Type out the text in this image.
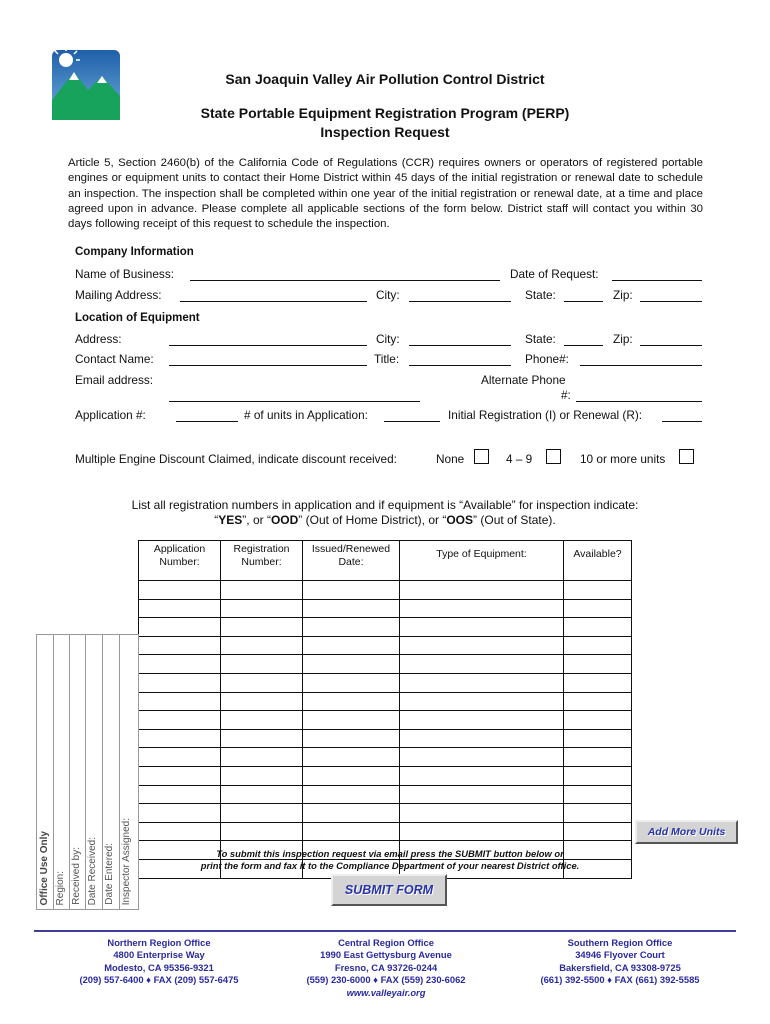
San Joaquin Valley Air Pollution Control District
State Portable Equipment Registration Program (PERP)
Inspection Request
Article 5, Section 2460(b) of the California Code of Regulations (CCR) requires owners or operators of registered portable engines or equipment units to contact their Home District within 45 days of the initial registration or renewal date to schedule an inspection. The inspection shall be completed within one year of the initial registration or renewal date, at a time and place agreed upon in advance. Please complete all applicable sections of the form below. District staff will contact you within 30 days following receipt of this request to schedule the inspection.
Company Information
Name of Business:	Date of Request:
Mailing Address:	City:	State:	Zip:
Location of Equipment
Address:	City:	State:	Zip:
Contact Name:	Title:	Phone#:
Email address:	Alternate Phone
#:
Application #:	# of units in Application:	Initial Registration (I) or Renewal (R):
Multiple Engine Discount Claimed, indicate discount received:	None	4 – 9	10 or more units
List all registration numbers in application and if equipment is “Available” for inspection indicate:
“YES”, or “OOD” (Out of Home District), or “OOS” (Out of State).
Application Number:	Registration Number:	Issued/Renewed Date:	Type of Equipment:	Available?

Office Use Only Region: Received by: Date Received: Date Entered: Inspector Assigned:	Add More Units
To submit this inspection request via email press the SUBMIT button below or
print the form and fax it to the Compliance Department of your nearest District office.
SUBMIT FORM
Northern Region Office
4800 Enterprise Way
Modesto, CA 95356-9321
(209) 557-6400 ♦ FAX (209) 557-6475
Central Region Office
1990 East Gettysburg Avenue
Fresno, CA 93726-0244
(559) 230-6000 ♦ FAX (559) 230-6062
www.valleyair.org
Southern Region Office
34946 Flyover Court
Bakersfield, CA 93308-9725
(661) 392-5500 ♦ FAX (661) 392-5585
